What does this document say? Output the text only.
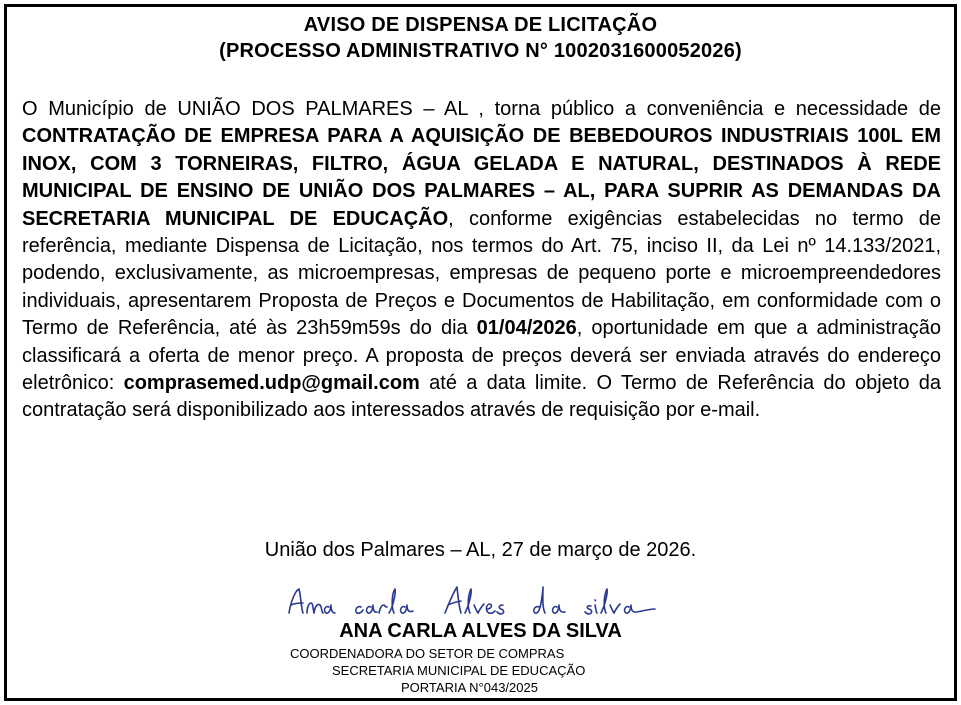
AVISO DE DISPENSA DE LICITAÇÃO
(PROCESSO ADMINISTRATIVO N° 100203160005202​6)
O Município de UNIÃO DOS PALMARES – AL , torna público a conveniência e necessidade de CONTRATAÇÃO DE EMPRESA PARA A AQUISIÇÃO DE BEBEDOUROS INDUSTRIAIS 100L EM INOX, COM 3 TORNEIRAS, FILTRO, ÁGUA GELADA E NATURAL, DESTINADOS À REDE MUNICIPAL DE ENSINO DE UNIÃO DOS PALMARES – AL, PARA SUPRIR AS DEMANDAS DA SECRETARIA MUNICIPAL DE EDUCAÇÃO, conforme exigências estabelecidas no termo de referência, mediante Dispensa de Licitação, nos termos do Art. 75, inciso II, da Lei nº 14.133/2021, podendo, exclusivamente, as microempresas, empresas de pequeno porte e microempreendedores individuais, apresentarem Proposta de Preços e Documentos de Habilitação, em conformidade com o Termo de Referência, até às 23h59m59s do dia 01/04/2026, oportunidade em que a administração classificará a oferta de menor preço. A proposta de preços deverá ser enviada através do endereço eletrônico: comprasemed.udp@gmail.com até a data limite. O Termo de Referência do objeto da contratação será disponibilizado aos interessados através de requisição por e-mail.
União dos Palmares – AL, 27 de março de 2026.
ANA CARLA ALVES DA SILVA
COORDENADORA DO SETOR DE COMPRAS
SECRETARIA MUNICIPAL DE EDUCAÇÃO
PORTARIA N°043/2025
